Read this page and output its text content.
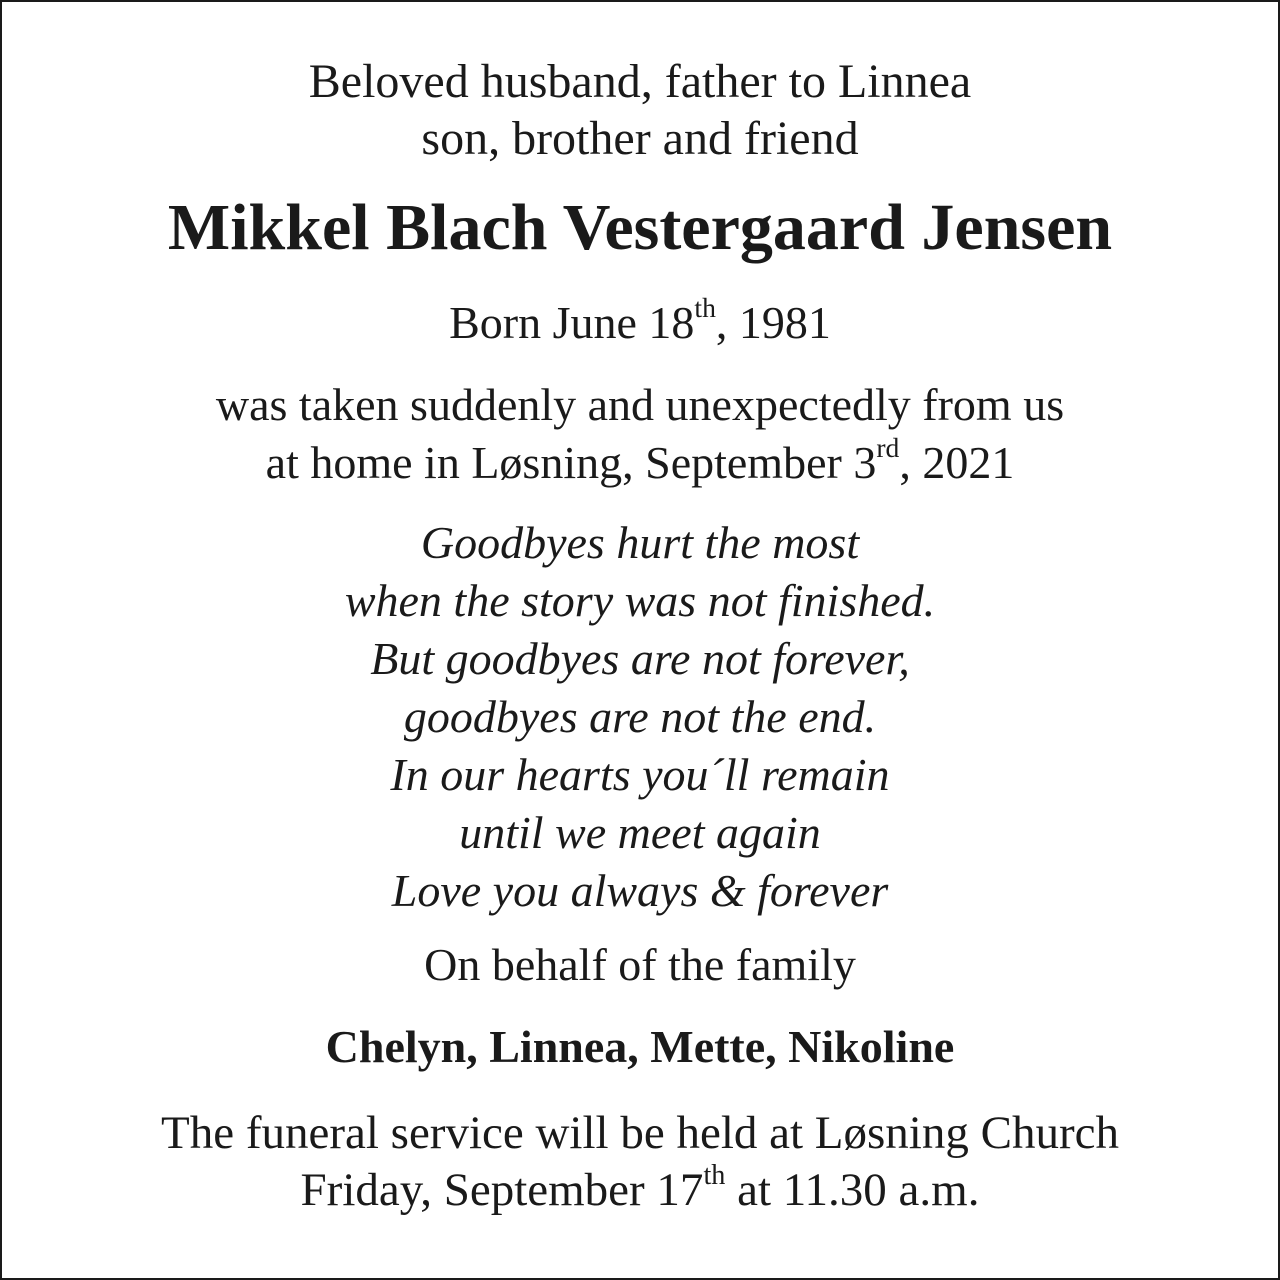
Beloved husband, father to Linnea
son, brother and friend
Mikkel Blach Vestergaard Jensen
Born June 18th, 1981
was taken suddenly and unexpectedly from us
at home in Løsning, September 3rd, 2021
Goodbyes hurt the most
when the story was not finished.
But goodbyes are not forever,
goodbyes are not the end.
In our hearts you´ll remain
until we meet again
Love you always & forever
On behalf of the family
Chelyn, Linnea, Mette, Nikoline
The funeral service will be held at Løsning Church
Friday, September 17th at 11.30 a.m.
